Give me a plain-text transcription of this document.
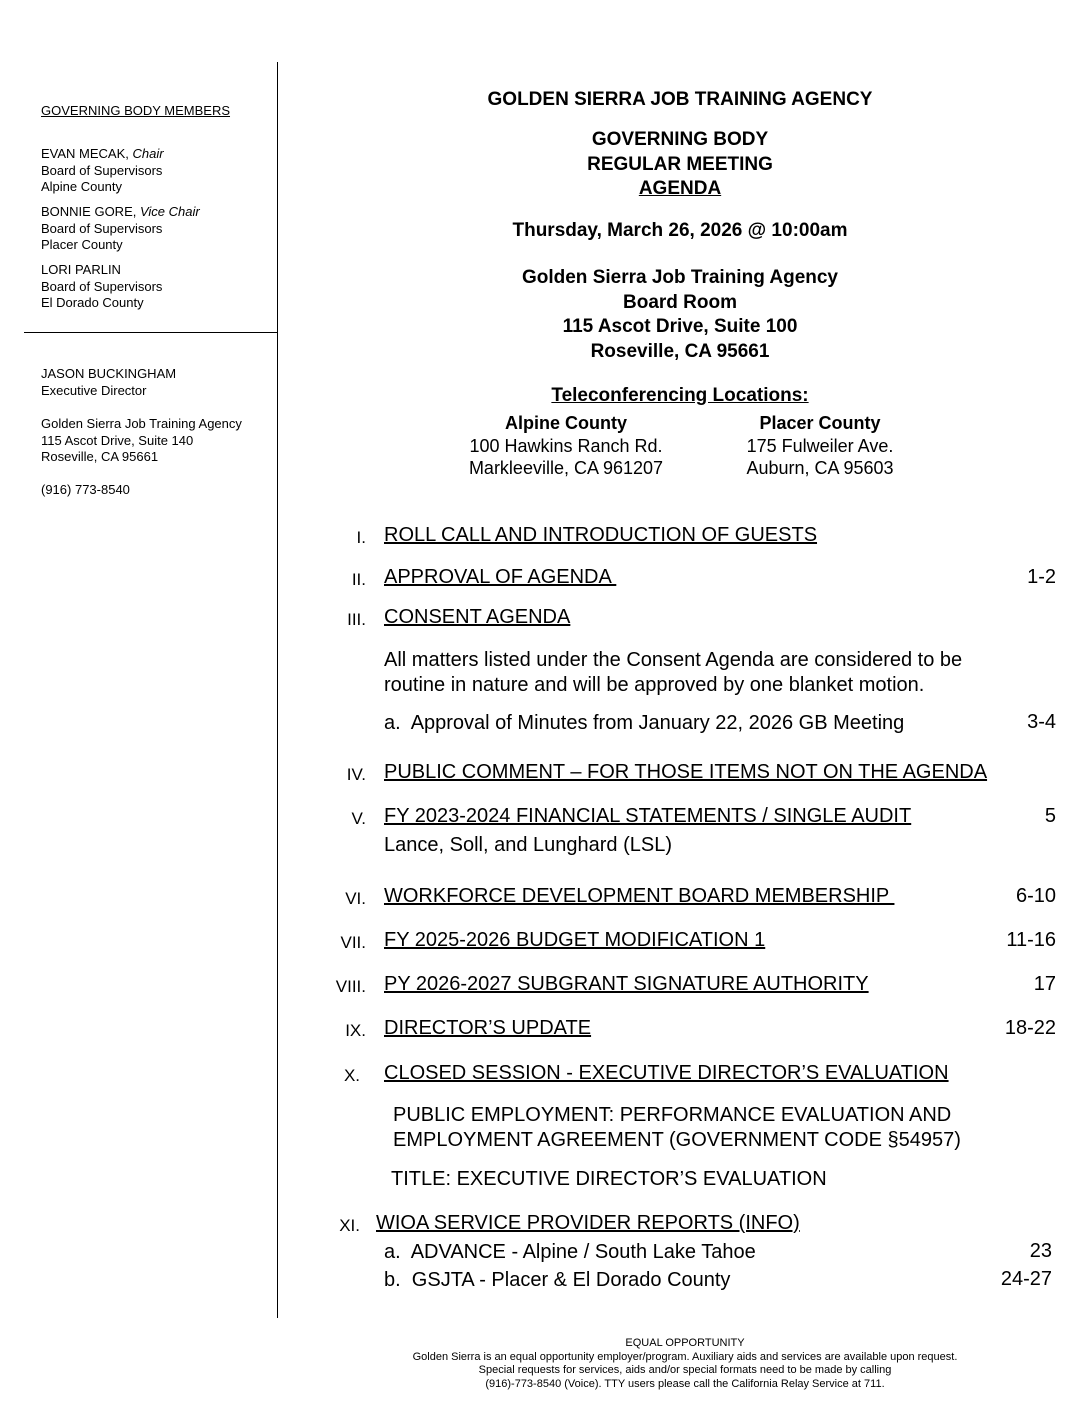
GOVERNING BODY MEMBERS
EVAN MECAK, Chair
Board of Supervisors
Alpine County
BONNIE GORE, Vice Chair
Board of Supervisors
Placer County
LORI PARLIN
Board of Supervisors
El Dorado County
JASON BUCKINGHAM
Executive Director
Golden Sierra Job Training Agency
115 Ascot Drive, Suite 140
Roseville, CA 95661
(916) 773-8540
GOLDEN SIERRA JOB TRAINING AGENCY
GOVERNING BODY
REGULAR MEETING
AGENDA
Thursday, March 26, 2026 @ 10:00am
Golden Sierra Job Training Agency
Board Room
115 Ascot Drive, Suite 100
Roseville, CA 95661
Teleconferencing Locations:
Alpine County
100 Hawkins Ranch Rd.
Markleeville, CA 961207
Placer County
175 Fulweiler Ave.
Auburn, CA 95603
I. ROLL CALL AND INTRODUCTION OF GUESTS
II. APPROVAL OF AGENDA	1-2
III. CONSENT AGENDA
All matters listed under the Consent Agenda are considered to be
routine in nature and will be approved by one blanket motion.
a.  Approval of Minutes from January 22, 2026 GB Meeting	3-4
IV. PUBLIC COMMENT – FOR THOSE ITEMS NOT ON THE AGENDA
V. FY 2023-2024 FINANCIAL STATEMENTS / SINGLE AUDIT	5
Lance, Soll, and Lunghard (LSL)
VI. WORKFORCE DEVELOPMENT BOARD MEMBERSHIP	6-10
VII. FY 2025-2026 BUDGET MODIFICATION 1	11-16
VIII. PY 2026-2027 SUBGRANT SIGNATURE AUTHORITY	17
IX. DIRECTOR’S UPDATE	18-22
X. CLOSED SESSION - EXECUTIVE DIRECTOR’S EVALUATION
PUBLIC EMPLOYMENT: PERFORMANCE EVALUATION AND
EMPLOYMENT AGREEMENT (GOVERNMENT CODE §54957)
TITLE: EXECUTIVE DIRECTOR’S EVALUATION
XI. WIOA SERVICE PROVIDER REPORTS (INFO)
a.  ADVANCE - Alpine / South Lake Tahoe	23
b.  GSJTA - Placer & El Dorado County	24-27
EQUAL OPPORTUNITY
Golden Sierra is an equal opportunity employer/program. Auxiliary aids and services are available upon request.
Special requests for services, aids and/or special formats need to be made by calling
(916)-773-8540 (Voice). TTY users please call the California Relay Service at 711.
